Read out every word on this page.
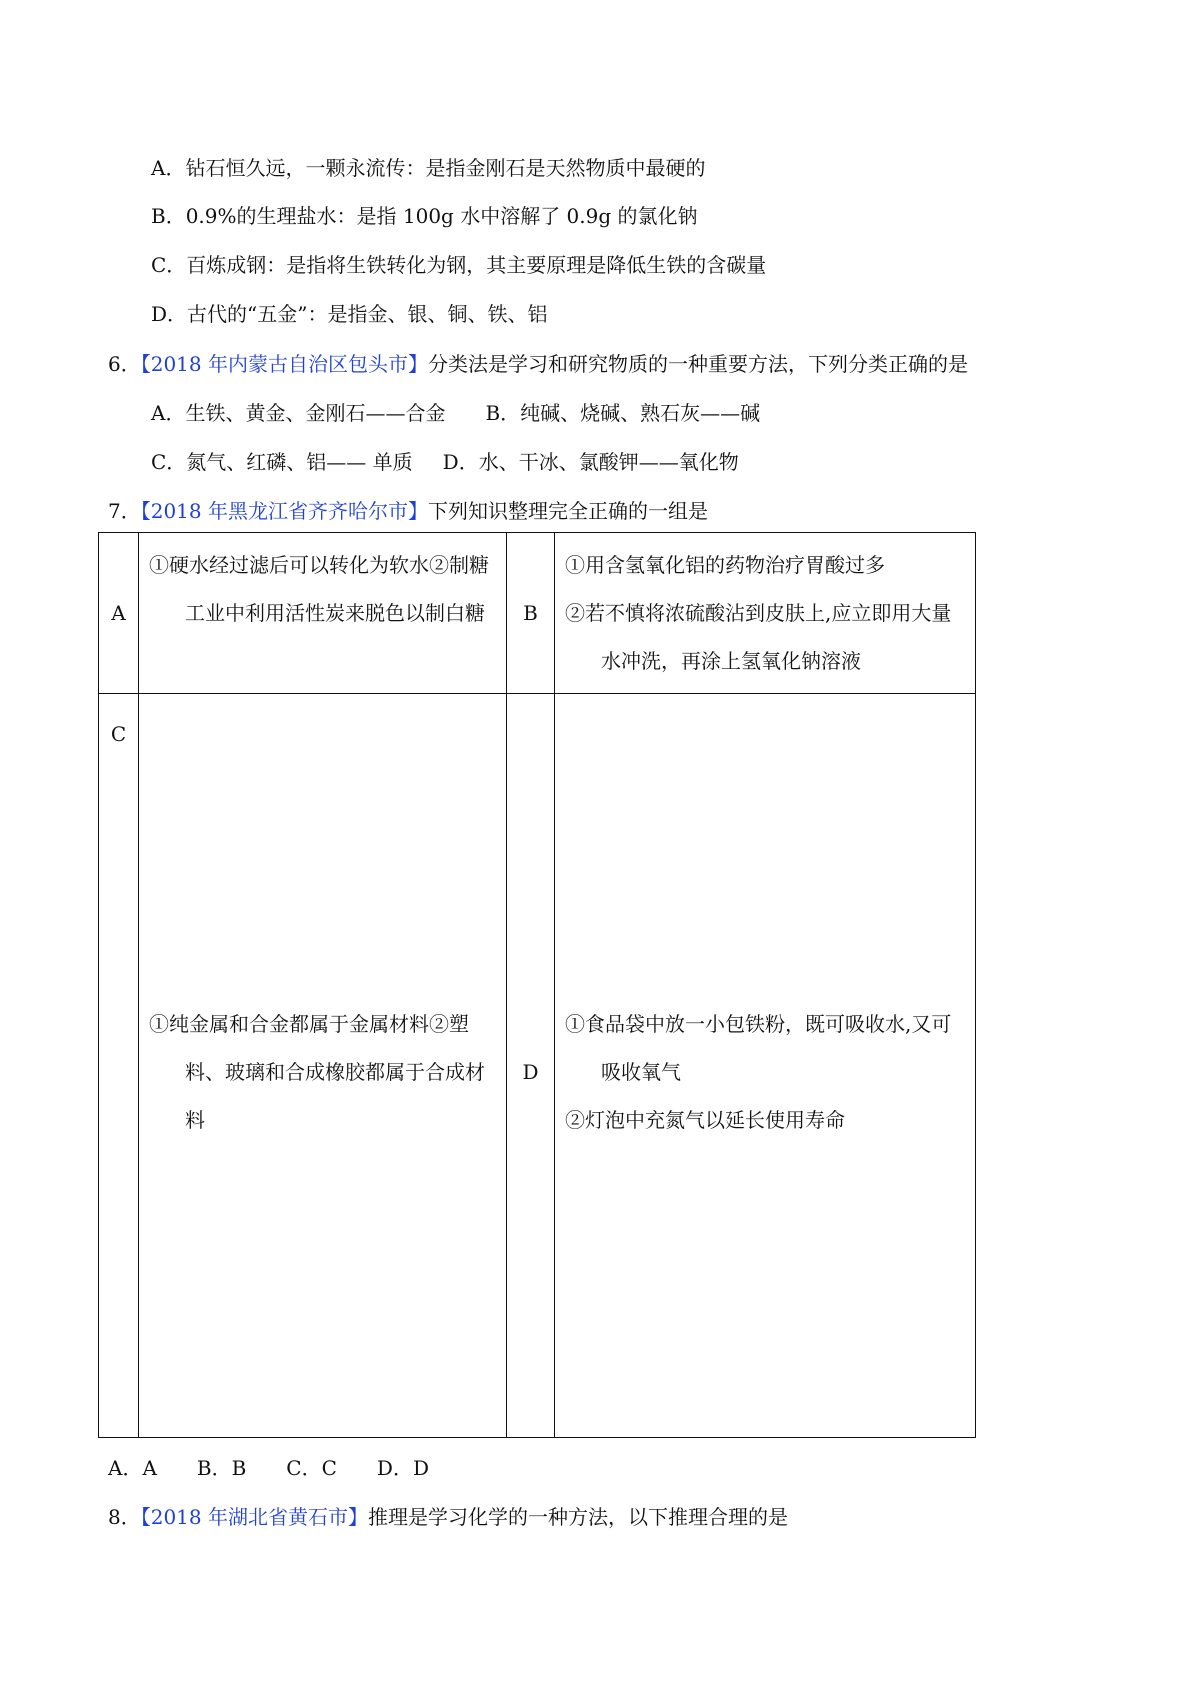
A．钻石恒久远，一颗永流传：是指金刚石是天然物质中最硬的
B．0.9%的生理盐水：是指 100g 水中溶解了 0.9g 的氯化钠
C．百炼成钢：是指将生铁转化为钢，其主要原理是降低生铁的含碳量
D．古代的“五金”：是指金、银、铜、铁、铝
6．【2018 年内蒙古自治区包头市】分类法是学习和研究物质的一种重要方法，下列分类正确的是
A．生铁、黄金、金刚石——合金 B．纯碱、烧碱、熟石灰——碱
C．氮气、红磷、铝—— 单质 D．水、干冰、氯酸钾——氧化物
7．【2018 年黑龙江省齐齐哈尔市】下列知识整理完全正确的一组是
A	①硬水经过滤后可以转化为软水②制糖工业中利用活性炭来脱色以制白糖	B	①用含氢氧化铝的药物治疗胃酸过多
②若不慎将浓硫酸沾到皮肤上,应立即用大量水冲洗，再涂上氢氧化钠溶液

C	①纯金属和合金都属于金属材料②塑料、玻璃和合成橡胶都属于合成材料	D	①食品袋中放一小包铁粉，既可吸收水,又可吸收氧气
②灯泡中充氮气以延长使用寿命
A．A B．B C．C D．D
8．【2018 年湖北省黄石市】推理是学习化学的一种方法，以下推理合理的是
